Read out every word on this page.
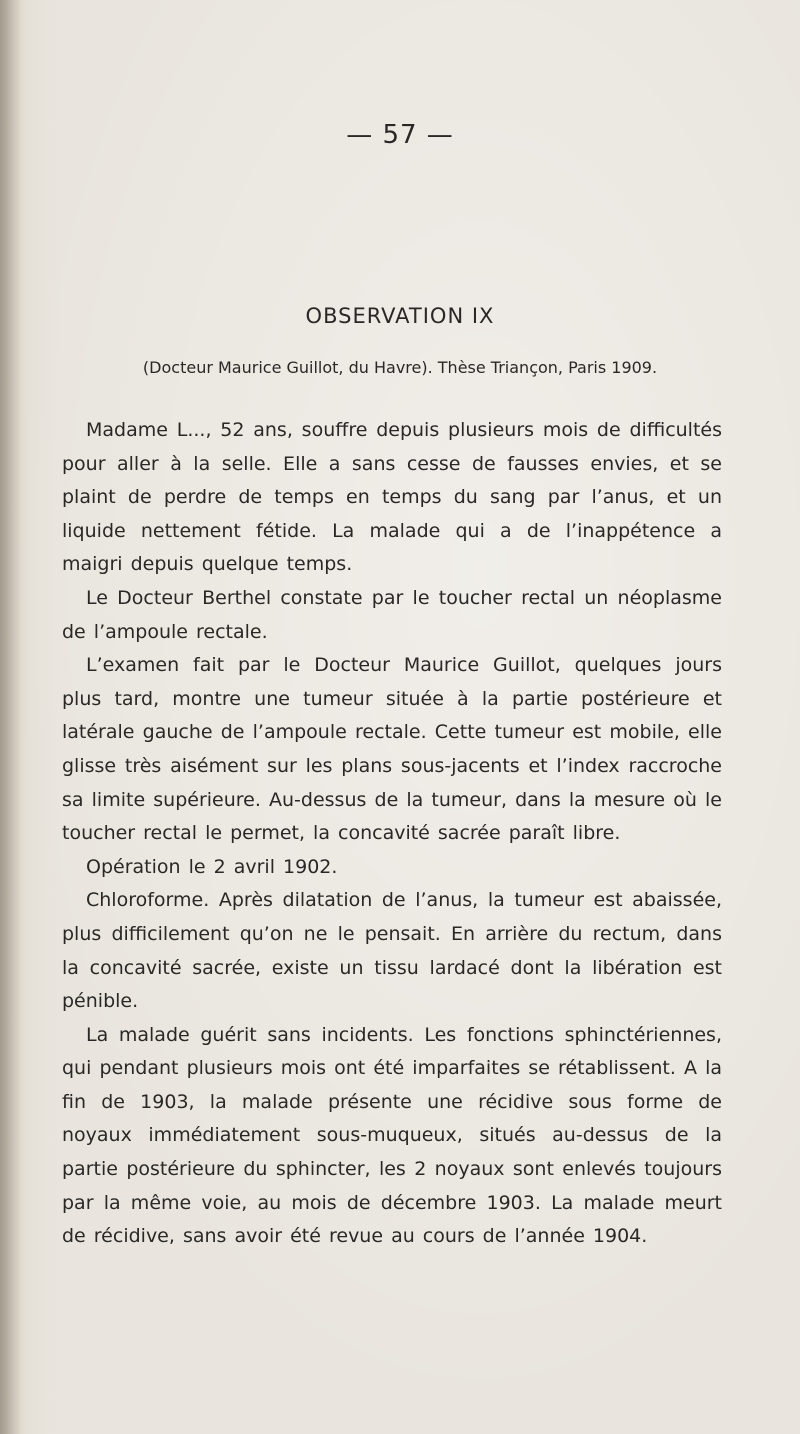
— 57 —
OBSERVATION IX
(Docteur Maurice Guillot, du Havre). Thèse Triançon, Paris 1909.

Madame L..., 52 ans, souffre depuis plusieurs mois de difficultés pour aller à la selle. Elle a sans cesse de fausses envies, et se plaint de perdre de temps en temps du sang par l’anus, et un liquide nettement fétide. La malade qui a de l’inappétence a maigri depuis quelque temps.

Le Docteur Berthel constate par le toucher rectal un néoplasme de l’ampoule rectale.

L’examen fait par le Docteur Maurice Guillot, quelques jours plus tard, montre une tumeur située à la partie postérieure et latérale gauche de l’ampoule rectale. Cette tumeur est mobile, elle glisse très aisément sur les plans sous-jacents et l’index raccroche sa limite supérieure. Au-dessus de la tumeur, dans la mesure où le toucher rectal le permet, la concavité sacrée paraît libre.

Opération le 2 avril 1902.

Chloroforme. Après dilatation de l’anus, la tumeur est abaissée, plus difficilement qu’on ne le pensait. En arrière du rectum, dans la concavité sacrée, existe un tissu lardacé dont la libération est pénible.

La malade guérit sans incidents. Les fonctions sphinctériennes, qui pendant plusieurs mois ont été imparfaites se rétablissent. A la fin de 1903, la malade présente une récidive sous forme de noyaux immédiatement sous-muqueux, situés au-dessus de la partie postérieure du sphincter, les 2 noyaux sont enlevés toujours par la même voie, au mois de décembre 1903. La malade meurt de récidive, sans avoir été revue au cours de l’année 1904.
